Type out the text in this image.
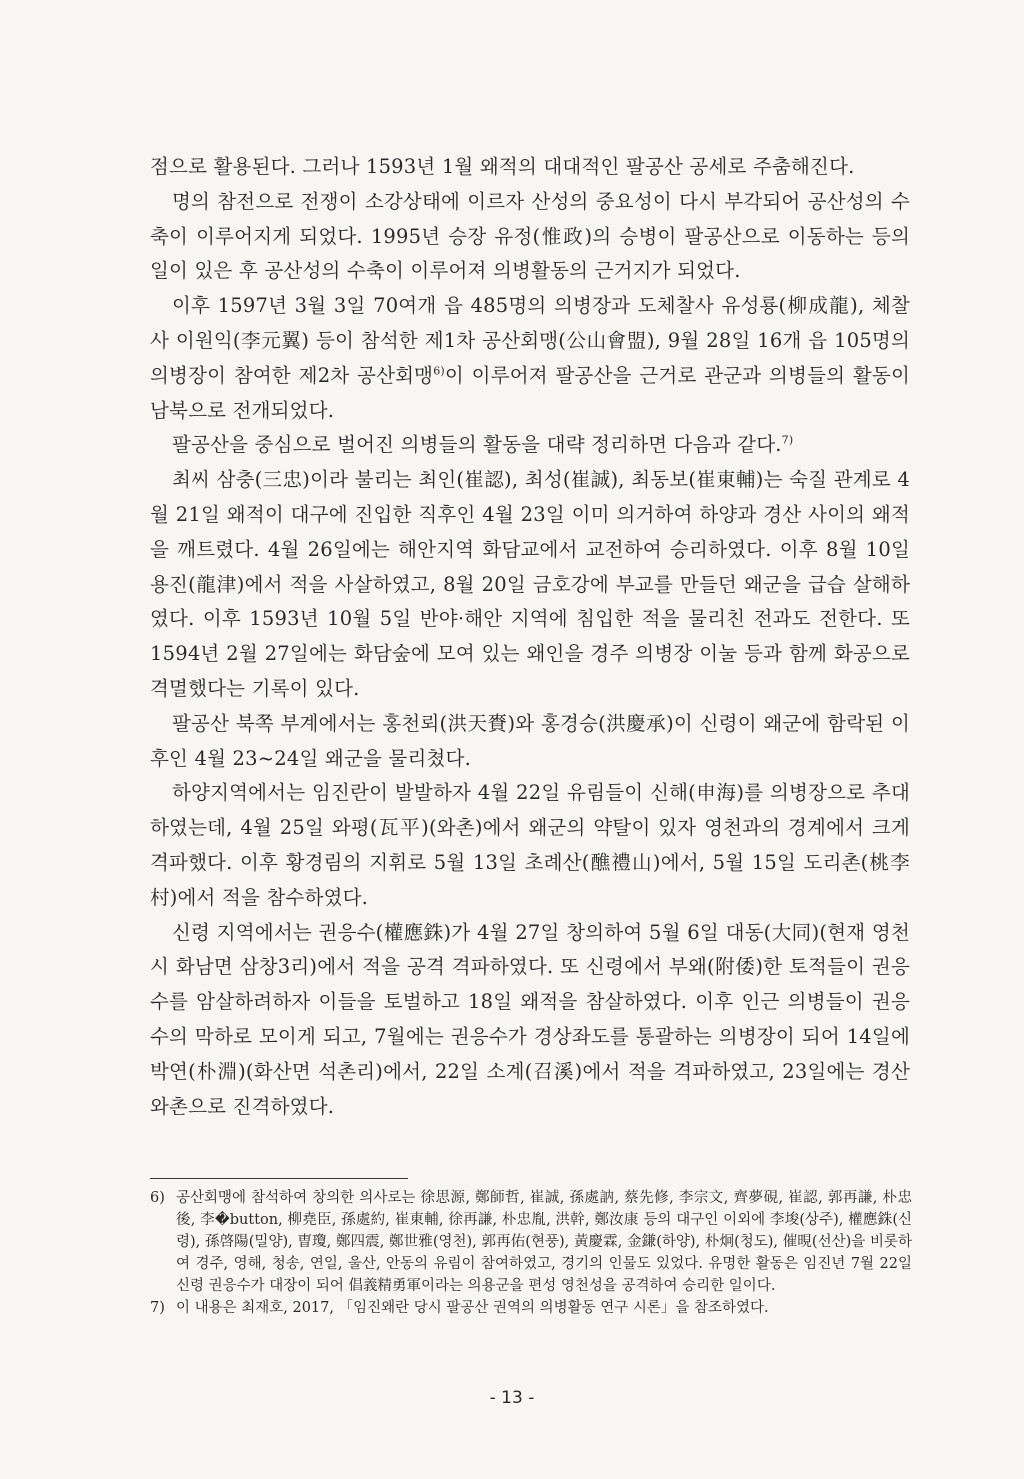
점으로 활용된다. 그러나 1593년 1월 왜적의 대대적인 팔공산 공세로 주춤해진다.

명의 참전으로 전쟁이 소강상태에 이르자 산성의 중요성이 다시 부각되어 공산성의 수축이 이루어지게 되었다. 1995년 승장 유정(惟政)의 승병이 팔공산으로 이동하는 등의 일이 있은 후 공산성의 수축이 이루어져 의병활동의 근거지가 되었다.

이후 1597년 3월 3일 70여개 읍 485명의 의병장과 도체찰사 유성룡(柳成龍), 체찰사 이원익(李元翼) 등이 참석한 제1차 공산회맹(公山會盟), 9월 28일 16개 읍 105명의 의병장이 참여한 제2차 공산회맹$^{6)}$이 이루어져 팔공산을 근거로 관군과 의병들의 활동이 남북으로 전개되었다.

팔공산을 중심으로 벌어진 의병들의 활동을 대략 정리하면 다음과 같다.$^{7)}$

최씨 삼충(三忠)이라 불리는 최인(崔認), 최성(崔誠), 최동보(崔東輔)는 숙질 관계로 4월 21일 왜적이 대구에 진입한 직후인 4월 23일 이미 의거하여 하양과 경산 사이의 왜적을 깨트렸다. 4월 26일에는 해안지역 화담교에서 교전하여 승리하였다. 이후 8월 10일 용진(龍津)에서 적을 사살하였고, 8월 20일 금호강에 부교를 만들던 왜군을 급습 살해하였다. 이후 1593년 10월 5일 반야·해안 지역에 침입한 적을 물리친 전과도 전한다. 또 1594년 2월 27일에는 화담숲에 모여 있는 왜인을 경주 의병장 이눌 등과 함께 화공으로 격멸했다는 기록이 있다.

팔공산 북쪽 부계에서는 홍천뢰(洪天賚)와 홍경승(洪慶承)이 신령이 왜군에 함락된 이후인 4월 23~24일 왜군을 물리쳤다.

하양지역에서는 임진란이 발발하자 4월 22일 유림들이 신해(申海)를 의병장으로 추대하였는데, 4월 25일 와평(瓦平)(와촌)에서 왜군의 약탈이 있자 영천과의 경계에서 크게 격파했다. 이후 황경림의 지휘로 5월 13일 초례산(醮禮山)에서, 5월 15일 도리촌(桃李村)에서 적을 참수하였다.

신령 지역에서는 권응수(權應銖)가 4월 27일 창의하여 5월 6일 대동(大同)(현재 영천시 화남면 삼창3리)에서 적을 공격 격파하였다. 또 신령에서 부왜(附倭)한 토적들이 권응수를 암살하려하자 이들을 토벌하고 18일 왜적을 참살하였다. 이후 인근 의병들이 권응수의 막하로 모이게 되고, 7월에는 권응수가 경상좌도를 통괄하는 의병장이 되어 14일에 박연(朴淵)(화산면 석촌리)에서, 22일 소계(召溪)에서 적을 격파하였고, 23일에는 경산 와촌으로 진격하였다.

6) 공산회맹에 참석하여 창의한 의사로는 徐思源, 鄭師哲, 崔誠, 孫處訥, 蔡先修, 李宗文, 齊夢硯, 崔認, 郭再謙, 朴忠後, 李�button, 柳堯臣, 孫處約, 崔東輔, 徐再謙, 朴忠胤, 洪幹, 鄭汝康 등의 대구인 이외에 李埈(상주), 權應銖(신령), 孫啓陽(밀양), 曺瓊, 鄭四震, 鄭世雅(영천), 郭再佑(현풍), 黃慶霖, 金鎌(하양), 朴炯(청도), 催晛(선산)을 비롯하여 경주, 영해, 청송, 연일, 울산, 안동의 유림이 참여하였고, 경기의 인물도 있었다. 유명한 활동은 임진년 7월 22일 신령 권응수가 대장이 되어 倡義精勇軍이라는 의용군을 편성 영천성을 공격하여 승리한 일이다.

7) 이 내용은 최재호, 2017, 「임진왜란 당시 팔공산 권역의 의병활동 연구 시론」을 참조하였다.

- 13 -
